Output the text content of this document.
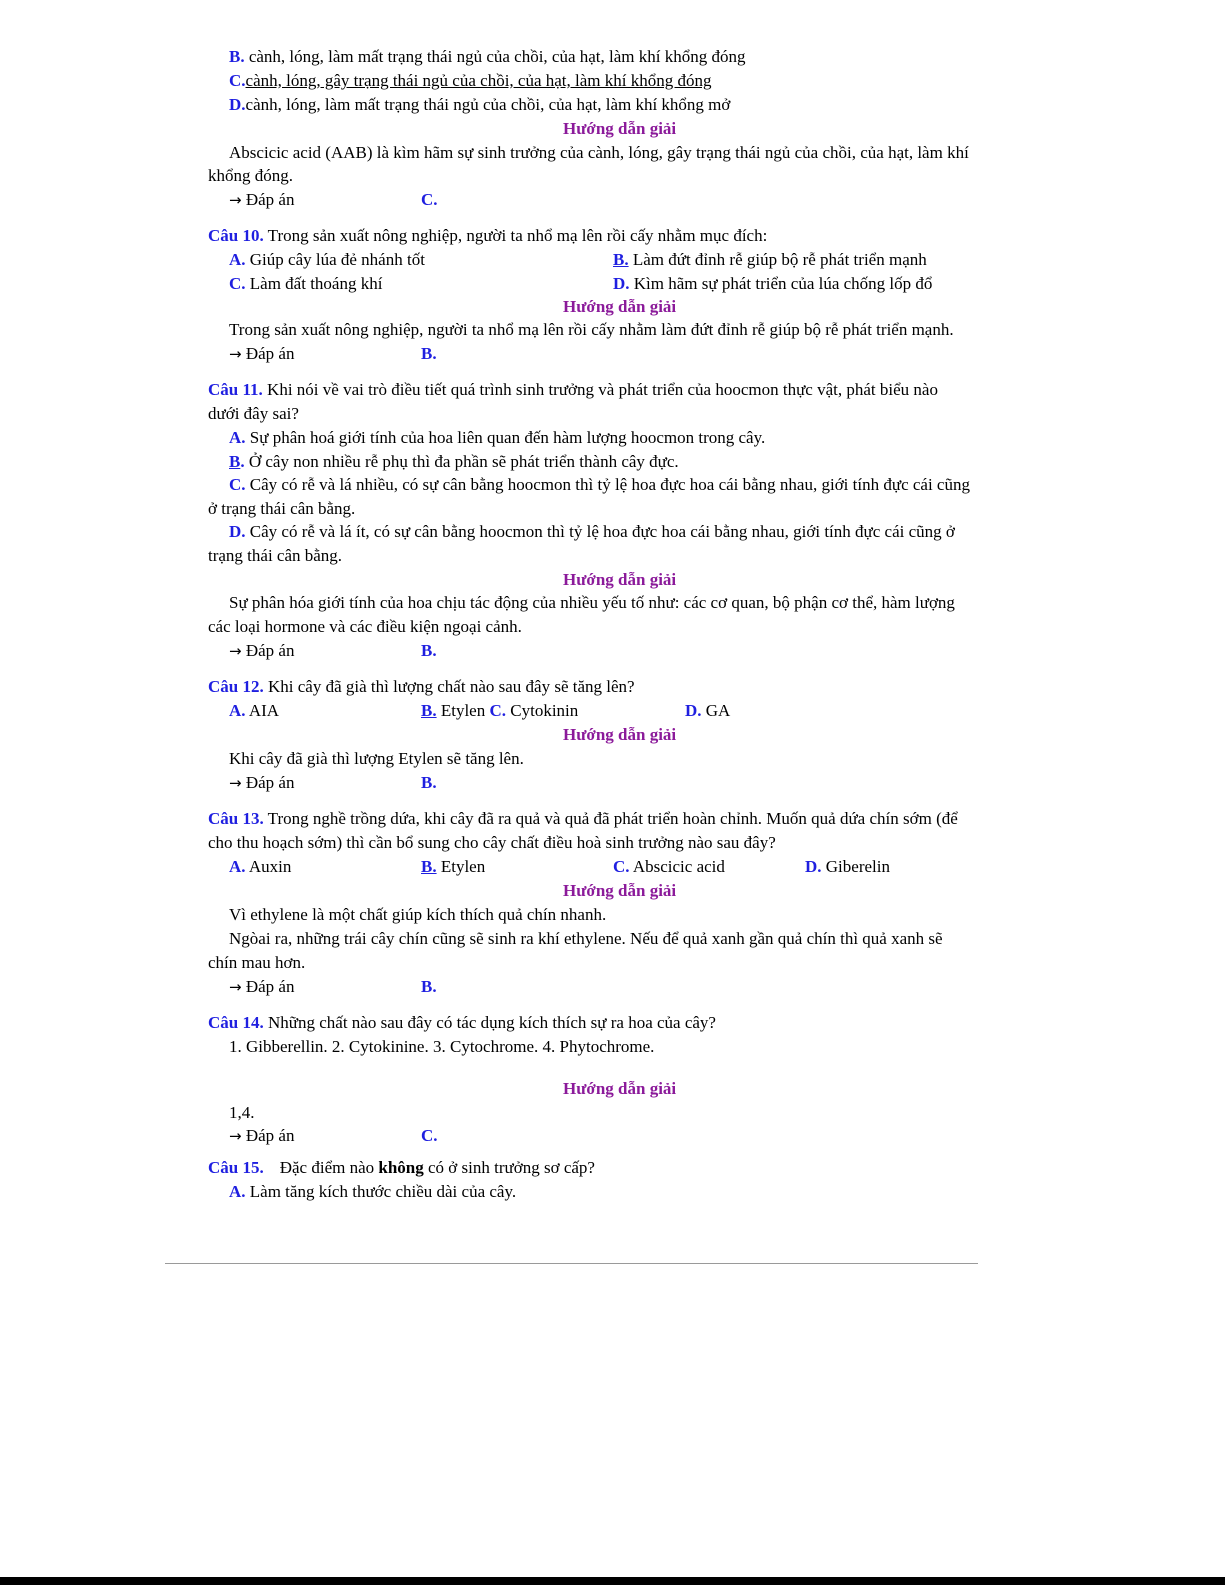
B. cành, lóng, làm mất trạng thái ngủ của chồi, của hạt, làm khí khổng đóng
C.cành, lóng, gây trạng thái ngủ của chồi, của hạt, làm khí khổng đóng
D.cành, lóng, làm mất trạng thái ngủ của chồi, của hạt, làm khí khổng mở
Hướng dẫn giải
Abscicic acid (AAB) là kìm hãm sự sinh trưởng của cành, lóng, gây trạng thái ngủ của chồi, của hạt, làm khí
khổng đóng.
→ Đáp án	C.
Câu 10. Trong sản xuất nông nghiệp, người ta nhổ mạ lên rồi cấy nhằm mục đích:
A. Giúp cây lúa đẻ nhánh tốt	B. Làm đứt đỉnh rễ giúp bộ rễ phát triển mạnh
C. Làm đất thoáng khí	D. Kìm hãm sự phát triển của lúa chống lốp đổ
Hướng dẫn giải
Trong sản xuất nông nghiệp, người ta nhổ mạ lên rồi cấy nhằm làm đứt đỉnh rễ giúp bộ rễ phát triển mạnh.
→ Đáp án	B.
Câu 11. Khi nói về vai trò điều tiết quá trình sinh trưởng và phát triển của hoocmon thực vật, phát biểu nào
dưới đây sai?
A. Sự phân hoá giới tính của hoa liên quan đến hàm lượng hoocmon trong cây.
B. Ở cây non nhiều rễ phụ thì đa phần sẽ phát triển thành cây đực.
C. Cây có rễ và lá nhiều, có sự cân bằng hoocmon thì tỷ lệ hoa đực hoa cái bằng nhau, giới tính đực cái cũng
ở trạng thái cân bằng.
D. Cây có rễ và lá ít, có sự cân bằng hoocmon thì tỷ lệ hoa đực hoa cái bằng nhau, giới tính đực cái cũng ở
trạng thái cân bằng.
Hướng dẫn giải
Sự phân hóa giới tính của hoa chịu tác động của nhiều yếu tố như: các cơ quan, bộ phận cơ thể, hàm lượng
các loại hormone và các điều kiện ngoại cảnh.
→ Đáp án	B.
Câu 12. Khi cây đã già thì lượng chất nào sau đây sẽ tăng lên?
A. AIA	B. Etylen C. Cytokinin	D. GA
Hướng dẫn giải
Khi cây đã già thì lượng Etylen sẽ tăng lên.
→ Đáp án	B.
Câu 13. Trong nghề trồng dứa, khi cây đã ra quả và quả đã phát triển hoàn chỉnh. Muốn quả dứa chín sớm (để
cho thu hoạch sớm) thì cần bổ sung cho cây chất điều hoà sinh trưởng nào sau đây?
A. Auxin	B. Etylen	C. Abscicic acid	D. Giberelin
Hướng dẫn giải
Vì ethylene là một chất giúp kích thích quả chín nhanh.
Ngòai ra, những trái cây chín cũng sẽ sinh ra khí ethylene. Nếu để quả xanh gần quả chín thì quả xanh sẽ
chín mau hơn.
→ Đáp án	B.
Câu 14. Những chất nào sau đây có tác dụng kích thích sự ra hoa của cây?
1. Gibberellin. 2. Cytokinine. 3. Cytochrome. 4. Phytochrome.
Hướng dẫn giải
1,4.
→ Đáp án	C.
Câu 15. Đặc điểm nào không có ở sinh trưởng sơ cấp?
A. Làm tăng kích thước chiều dài của cây.
